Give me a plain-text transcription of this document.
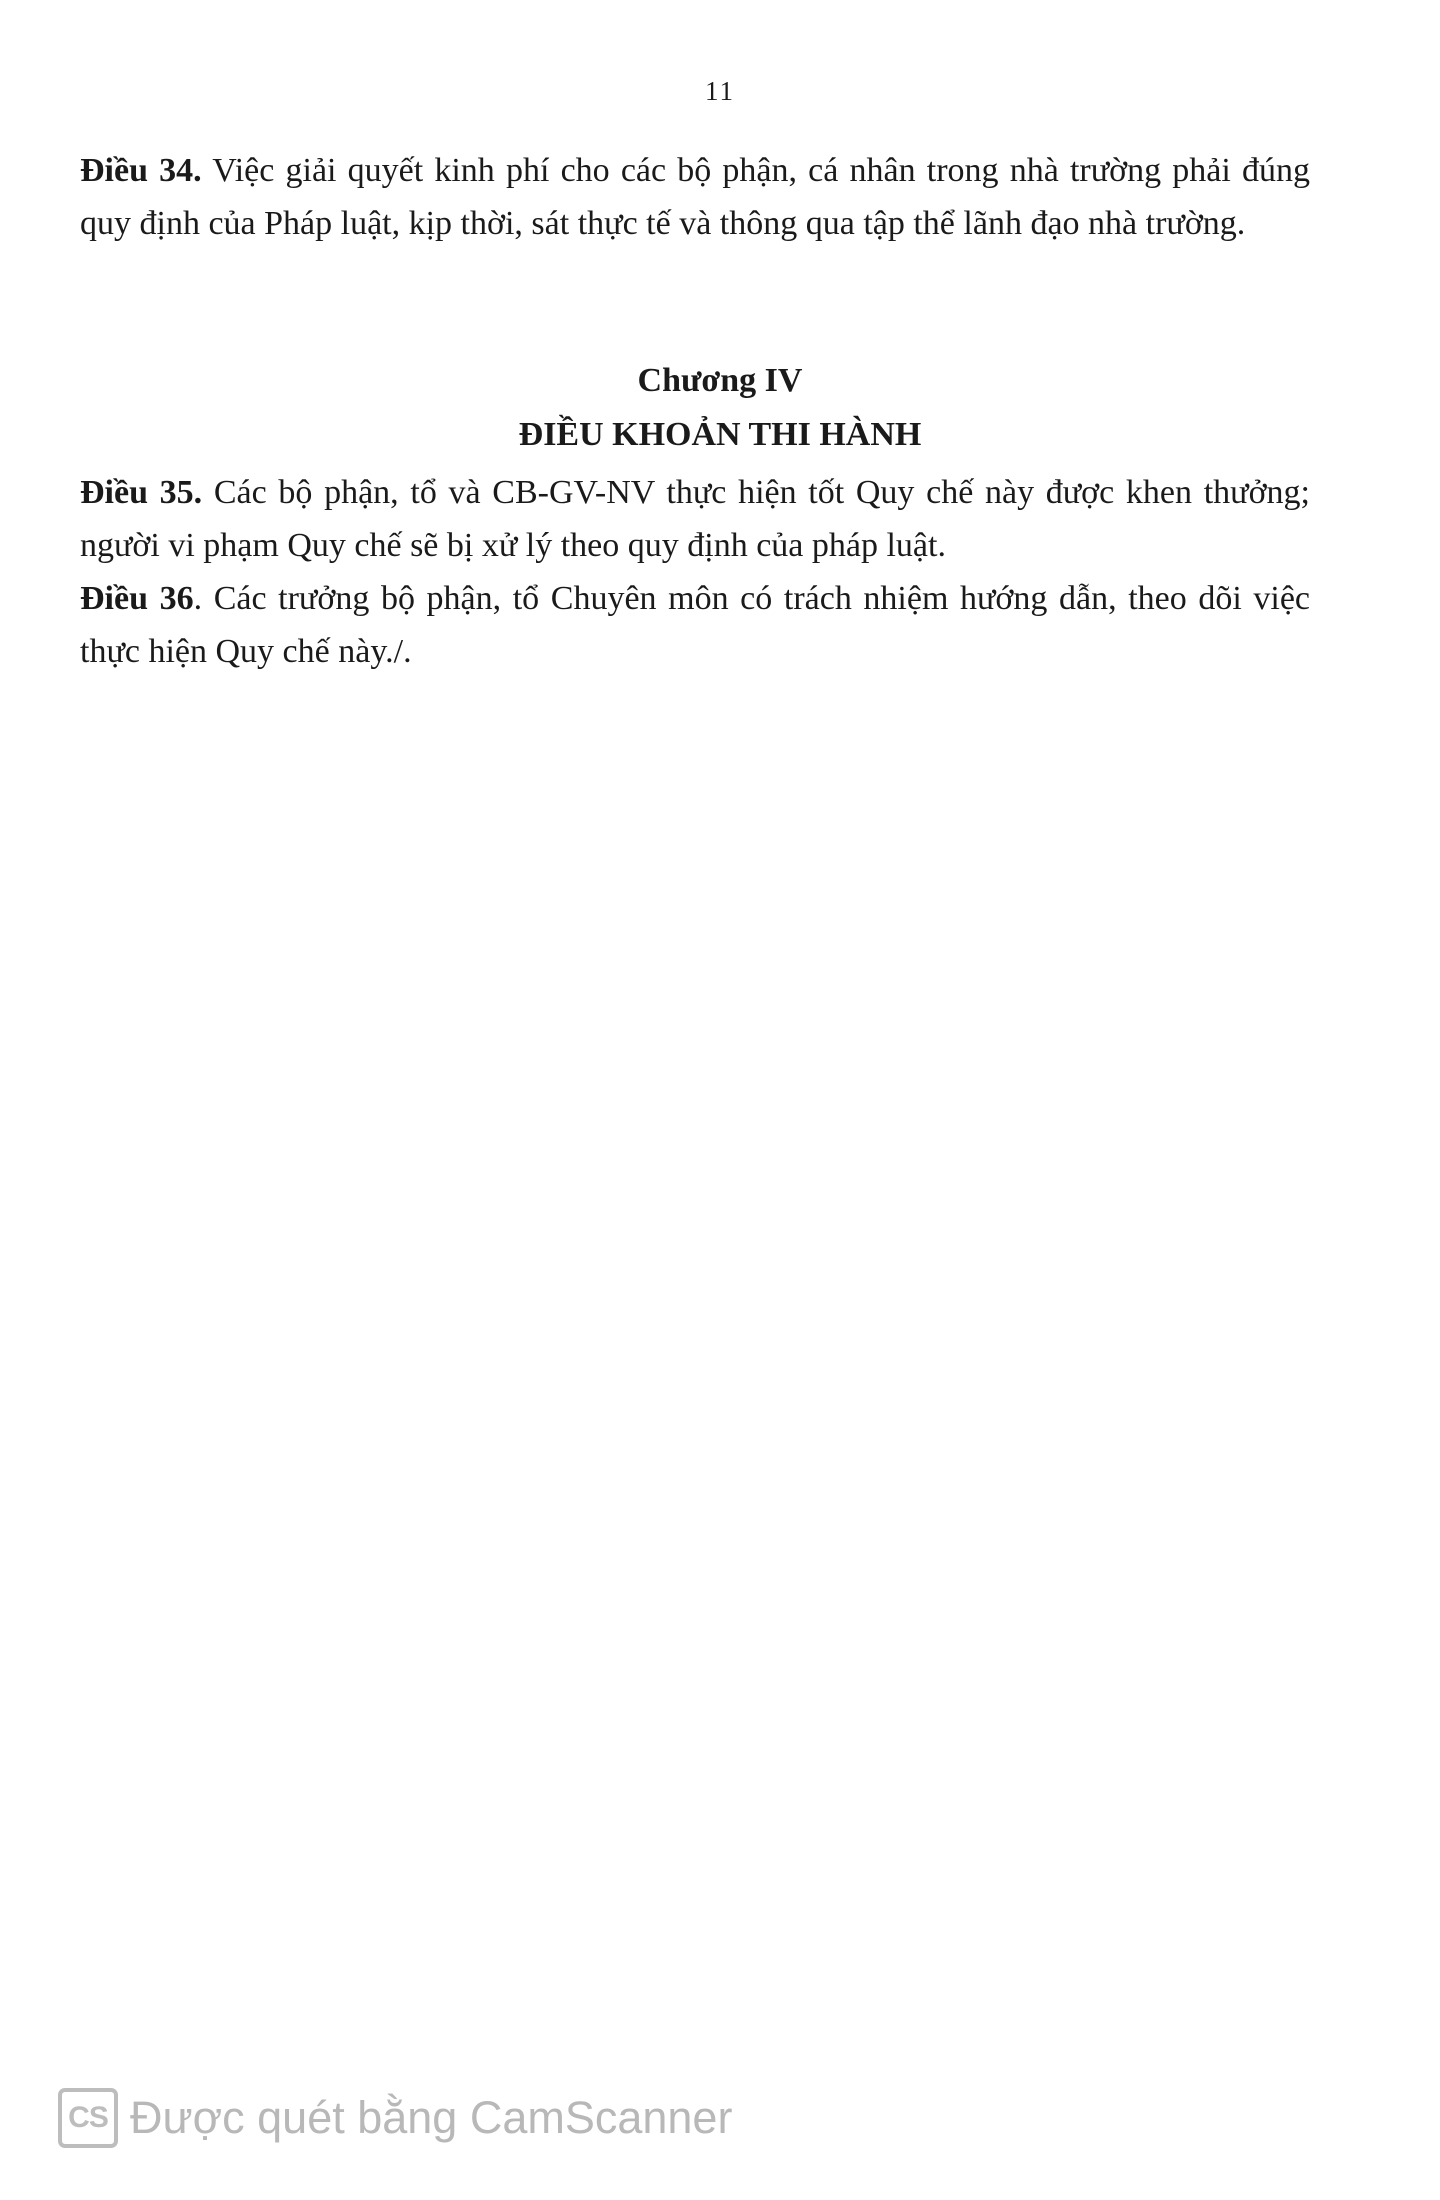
11

Điều 34. Việc giải quyết kinh phí cho các bộ phận, cá nhân trong nhà trường phải đúng quy định của Pháp luật, kịp thời, sát thực tế và thông qua tập thể lãnh đạo nhà trường.

Chương IV

ĐIỀU KHOẢN THI HÀNH

Điều 35. Các bộ phận, tổ và CB-GV-NV thực hiện tốt Quy chế này được khen thưởng; người vi phạm Quy chế sẽ bị xử lý theo quy định của pháp luật.

Điều 36. Các trưởng bộ phận, tổ Chuyên môn có trách nhiệm hướng dẫn, theo dõi việc thực hiện Quy chế này./.

CS Được quét bằng CamScanner
